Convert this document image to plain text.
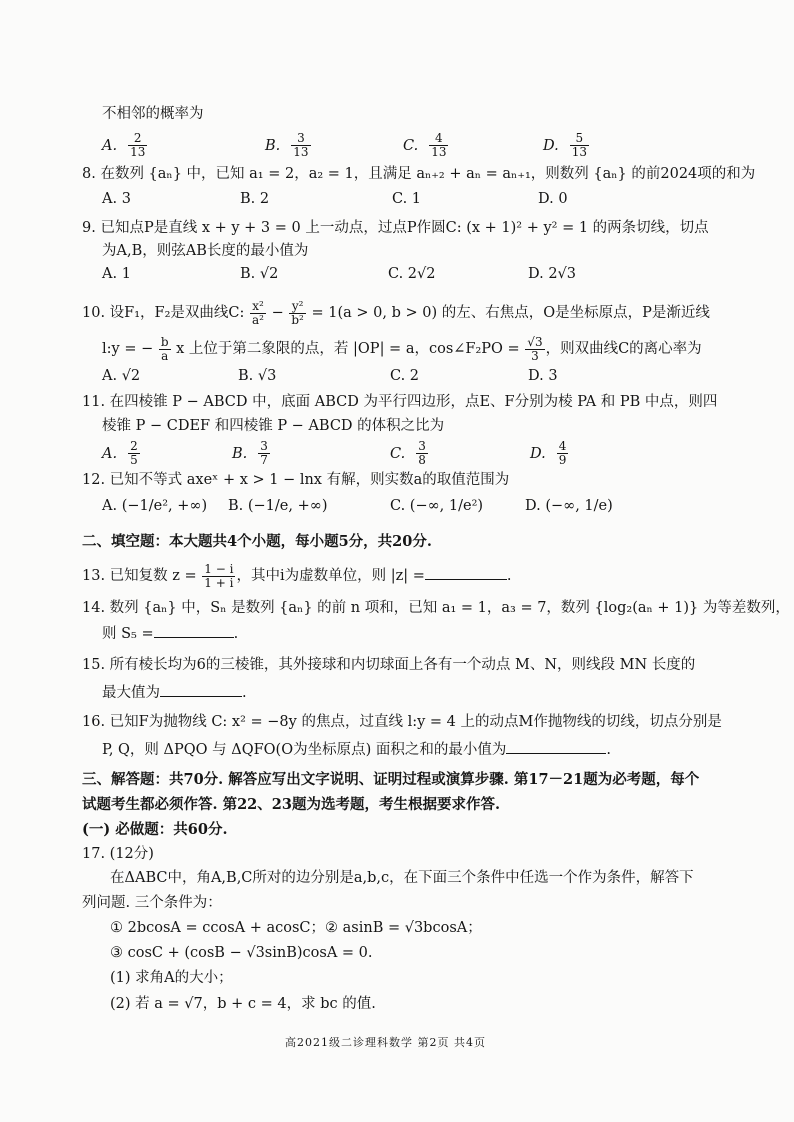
不相邻的概率为
A. $\frac{2}{13}$	B. $\frac{3}{13}$	C. $\frac{4}{13}$	D. $\frac{5}{13}$
8. 在数列 {aₙ} 中，已知 a₁ = 2，a₂ = 1，且满足 aₙ₊₂ + aₙ = aₙ₊₁，则数列 {aₙ} 的前2024项的和为
A. 3	B. 2	C. 1	D. 0
9. 已知点P是直线 x + y + 3 = 0 上一动点，过点P作圆C: (x + 1)² + y² = 1 的两条切线，切点
为A,B，则弦AB长度的最小值为
A. 1	B. √2	C. 2√2	D. 2√3
10. 设F₁，F₂是双曲线C: $\frac{\text{x²}}{\text{a²}} - \frac{\text{y²}}{\text{b²}} = 1(a > 0$, b > 0) 的左、右焦点，O是坐标原点，P是渐近线
l:y = − $\frac{b}{a}$ x 上位于第二象限的点，若 |OP| = a，cos∠F₂PO = $\frac{√3}{3}$ ，则双曲线C的离心率为
A. √2	B. √3	C. 2	D. 3
11. 在四棱锥 P − ABCD 中，底面 ABCD 为平行四边形，点E、F分别为棱 PA 和 PB 中点，则四
棱锥 P − CDEF 和四棱锥 P − ABCD 的体积之比为
A. $\frac{2}{5}$	B. $\frac{3}{7}$	C. $\frac{3}{8}$	D. $\frac{4}{9}$
12. 已知不等式 axeˣ + x > 1 − lnx 有解，则实数a的取值范围为
A. (−1/e², +∞) B. (−1/e, +∞)	C. (−∞, 1/e²)	D. (−∞, 1/e)
二、填空题：本大题共4个小题，每小题5分，共20分.
13. 已知复数 $z = \frac{1 - i}{1 + i}$ ，其中i为虚数单位，则 |z| =	.
14. 数列 {aₙ} 中，Sₙ 是数列 {aₙ} 的前 n 项和，已知 a₁ = 1，a₃ = 7，数列 {log₂(aₙ + 1)} 为等差数列，
则 S₅ =	.
15. 所有棱长均为6的三棱锥，其外接球和内切球面上各有一个动点 M、N，则线段 MN 长度的
最大值为	.
16. 已知F为抛物线 C: x² = −8y 的焦点，过直线 l:y = 4 上的动点M作抛物线的切线，切点分别是
P, Q，则 ΔPQO 与 ΔQFO(O为坐标原点) 面积之和的最小值为	.
三、解答题：共70分. 解答应写出文字说明、证明过程或演算步骤. 第17－21题为必考题，每个
试题考生都必须作答. 第22、23题为选考题，考生根据要求作答.
(一) 必做题：共60分.
17. (12分)
在ΔABC中，角A,B,C所对的边分别是a,b,c，在下面三个条件中任选一个作为条件，解答下
列问题. 三个条件为：
① 2bcosA = ccosA + acosC；② asinB = √3bcosA；
③ cosC + (cosB − √3sinB)cosA = 0.
(1) 求角A的大小；
(2) 若 a = √7，b + c = 4，求 bc 的值.
高2021级二诊理科数学 第2页 共4页
